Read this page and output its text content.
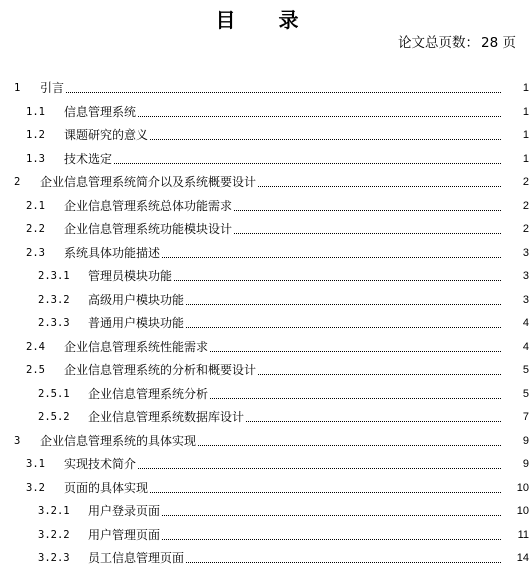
目 录
论文总页数： 28 页
1	引言	1
1.1	信息管理系统	1
1.2	课题研究的意义	1
1.3	技术选定	1
2	企业信息管理系统简介以及系统概要设计	2
2.1	企业信息管理系统总体功能需求	2
2.2	企业信息管理系统功能模块设计	2
2.3	系统具体功能描述	3
2.3.1	管理员模块功能	3
2.3.2	高级用户模块功能	3
2.3.3	普通用户模块功能	4
2.4	企业信息管理系统性能需求	4
2.5	企业信息管理系统的分析和概要设计	5
2.5.1	企业信息管理系统分析	5
2.5.2	企业信息管理系统数据库设计	7
3	企业信息管理系统的具体实现	9
3.1	实现技术简介	9
3.2	页面的具体实现	10
3.2.1	用户登录页面	10
3.2.2	用户管理页面	11
3.2.3	员工信息管理页面	14
